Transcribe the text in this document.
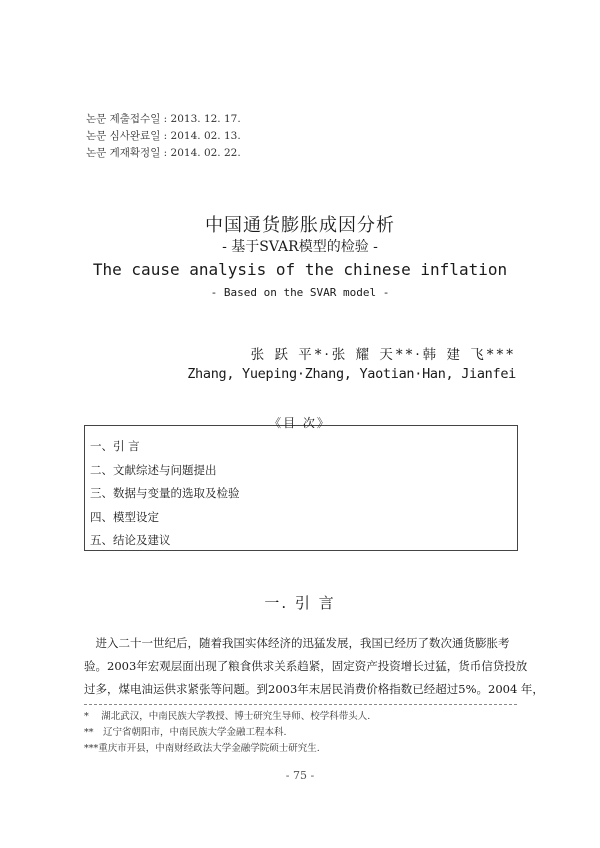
논문 제출접수일 : 2013. 12. 17.
논문 심사완료일 : 2014. 02. 13.
논문 게재확정일 : 2014. 02. 22.
中国通货膨胀成因分析
- 基于SVAR模型的检验 -
The cause analysis of the chinese inflation
- Based on the SVAR model -
张 跃 平*·张 耀 天**·韩 建 飞***
Zhang, Yueping·Zhang, Yaotian·Han, Jianfei
《目 次》
一、引 言
二、文献综述与问题提出
三、数据与变量的选取及检验
四、模型设定
五、结论及建议
一. 引 言
　进入二十一世纪后，随着我国实体经济的迅猛发展，我国已经历了数次通货膨胀考
验。2003年宏观层面出现了粮食供求关系趋紧，固定资产投资增长过猛，货币信贷投放
过多，煤电油运供求紧张等问题。到2003年末居民消费价格指数已经超过5%。2004 年，
*　 湖北武汉，中南民族大学教授、博士研究生导师、校学科带头人.
**　辽宁省朝阳市，中南民族大学金融工程本科.
***重庆市开县，中南财经政法大学金融学院硕士研究生.
- 75 -
